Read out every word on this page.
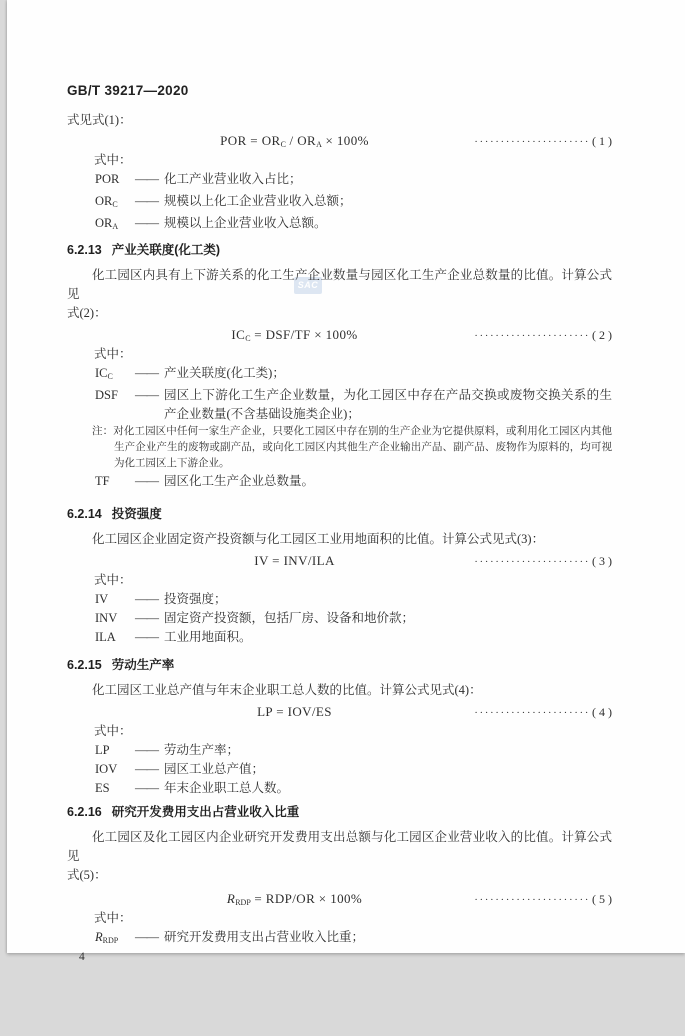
SAC
GB/T 39217—2020
式见式(1)：
POR = $OR_C / OR_A \times 100\%$	······················ ( 1 )
式中：
POR	—— 化工产业营业收入占比；
$OR_C$	—— 规模以上化工企业营业收入总额；
$OR_A$	—— 规模以上企业营业收入总额。
6.2.13 产业关联度(化工类)
化工园区内具有上下游关系的化工生产企业数量与园区化工生产企业总数量的比值。计算公式见
式(2)：
$IC_C = DSF/TF \times 100\%$	······················ ( 2 )
式中：
$IC_C$	—— 产业关联度(化工类)；
DSF	—— 园区上下游化工生产企业数量，为化工园区中存在产品交换或废物交换关系的生产企业数量(不含基础设施类企业)；
注：对化工园区中任何一家生产企业，只要化工园区中存在别的生产企业为它提供原料，或利用化工园区内其他生产企业产生的废物或副产品，或向化工园区内其他生产企业输出产品、副产品、废物作为原料的，均可视为化工园区上下游企业。
TF	—— 园区化工生产企业总数量。
6.2.14 投资强度
化工园区企业固定资产投资额与化工园区工业用地面积的比值。计算公式见式(3)：
IV = INV/ILA	······················ ( 3 )
式中：
IV	—— 投资强度；
INV	—— 固定资产投资额，包括厂房、设备和地价款；
ILA	—— 工业用地面积。
6.2.15 劳动生产率
化工园区工业总产值与年末企业职工总人数的比值。计算公式见式(4)：
LP = IOV/ES	······················ ( 4 )
式中：
LP	—— 劳动生产率；
IOV	—— 园区工业总产值；
ES	—— 年末企业职工总人数。
6.2.16 研究开发费用支出占营业收入比重
化工园区及化工园区内企业研究开发费用支出总额与化工园区企业营业收入的比值。计算公式见
式(5)：
$R_{RDP} = RDP/OR \times 100\%$	······················ ( 5 )
式中：
$R_{RDP}$	—— 研究开发费用支出占营业收入比重；
4
